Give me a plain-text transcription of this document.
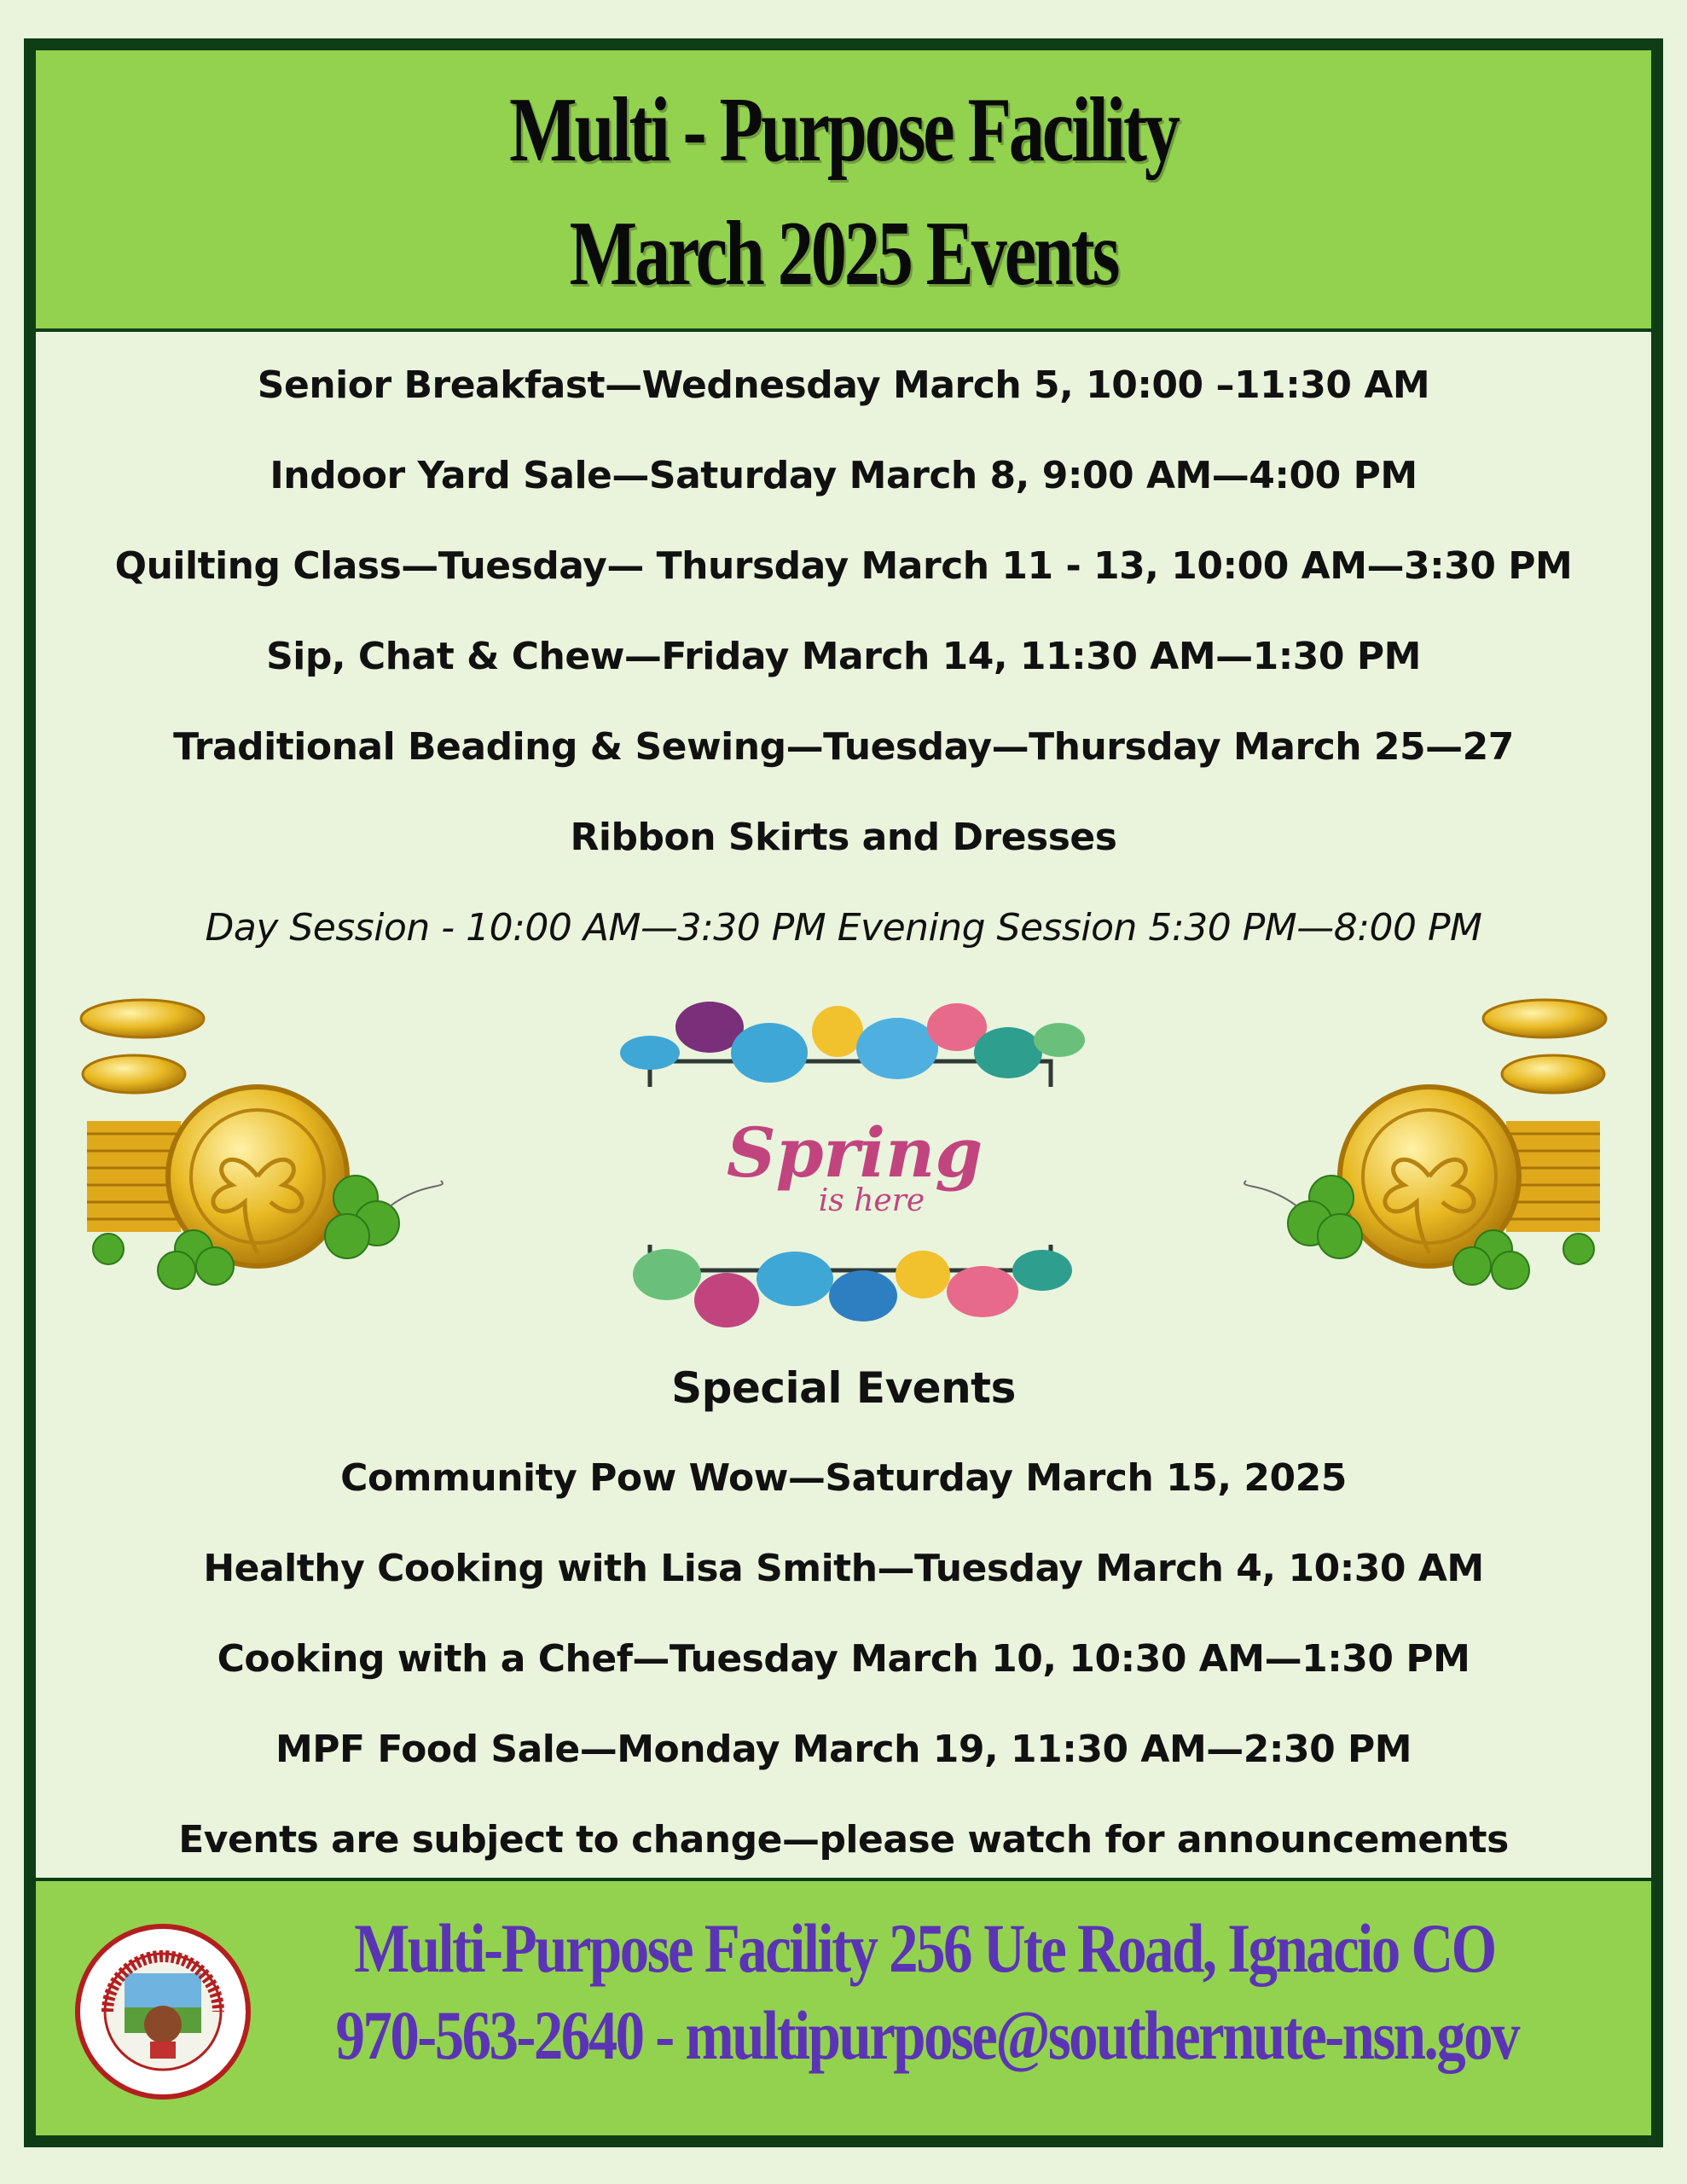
Multi - Purpose Facility
March 2025 Events
Senior Breakfast—Wednesday March 5, 10:00 –11:30 AM
Indoor Yard Sale—Saturday March 8, 9:00 AM—4:00 PM
Quilting Class—Tuesday— Thursday March 11 - 13, 10:00 AM—3:30 PM
Sip, Chat & Chew—Friday March 14, 11:30 AM—1:30 PM
Traditional Beading & Sewing—Tuesday—Thursday March 25—27
Ribbon Skirts and Dresses
Day Session - 10:00 AM—3:30 PM Evening Session 5:30 PM—8:00 PM
Spring
is here
Special Events
Community Pow Wow—Saturday March 15, 2025
Healthy Cooking with Lisa Smith—Tuesday March 4, 10:30 AM
Cooking with a Chef—Tuesday March 10, 10:30 AM—1:30 PM
MPF Food Sale—Monday March 19, 11:30 AM—2:30 PM
Events are subject to change—please watch for announcements
Multi-Purpose Facility 256 Ute Road, Ignacio CO
970-563-2640 - multipurpose@southernute-nsn.gov
